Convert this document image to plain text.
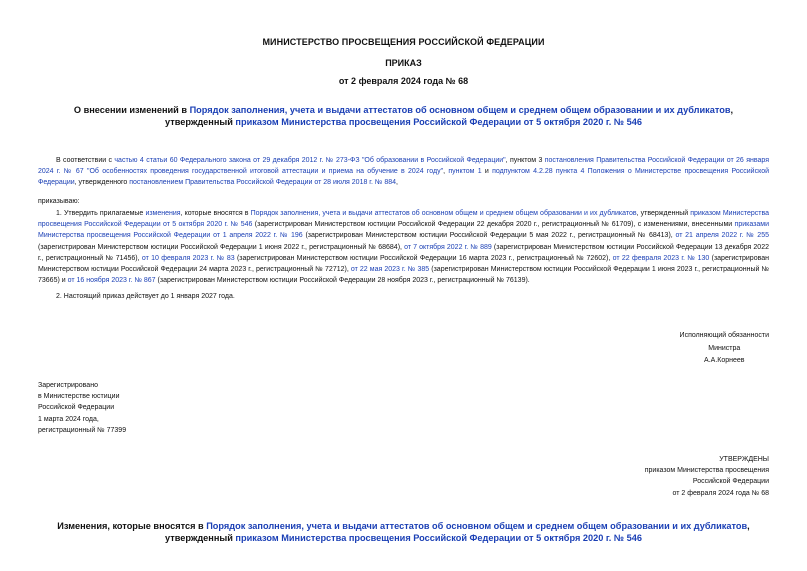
МИНИСТЕРСТВО ПРОСВЕЩЕНИЯ РОССИЙСКОЙ ФЕДЕРАЦИИ
ПРИКАЗ
от 2 февраля 2024 года № 68
О внесении изменений в Порядок заполнения, учета и выдачи аттестатов об основном общем и среднем общем образовании и их дубликатов, утвержденный приказом Министерства просвещения Российской Федерации от 5 октября 2020 г. № 546

В соответствии с частью 4 статьи 60 Федерального закона от 29 декабря 2012 г. № 273-ФЗ "Об образовании в Российской Федерации", пунктом 3 постановления Правительства Российской Федерации от 26 января 2024 г. № 67 "Об особенностях проведения государственной итоговой аттестации и приема на обучение в 2024 году", пунктом 1 и подпунктом 4.2.28 пункта 4 Положения о Министерстве просвещения Российской Федерации, утвержденного постановлением Правительства Российской Федерации от 28 июля 2018 г. № 884,

приказываю:

1. Утвердить прилагаемые изменения, которые вносятся в Порядок заполнения, учета и выдачи аттестатов об основном общем и среднем общем образовании и их дубликатов, утвержденный приказом Министерства просвещения Российской Федерации от 5 октября 2020 г. № 546 (зарегистрирован Министерством юстиции Российской Федерации 22 декабря 2020 г., регистрационный № 61709), с изменениями, внесенными приказами Министерства просвещения Российской Федерации от 1 апреля 2022 г. № 196 (зарегистрирован Министерством юстиции Российской Федерации 5 мая 2022 г., регистрационный № 68413), от 21 апреля 2022 г. № 255 (зарегистрирован Министерством юстиции Российской Федерации 1 июня 2022 г., регистрационный № 68684), от 7 октября 2022 г. № 889 (зарегистрирован Министерством юстиции Российской Федерации 13 декабря 2022 г., регистрационный № 71456), от 10 февраля 2023 г. № 83 (зарегистрирован Министерством юстиции Российской Федерации 16 марта 2023 г., регистрационный № 72602), от 22 февраля 2023 г. № 130 (зарегистрирован Министерством юстиции Российской Федерации 24 марта 2023 г., регистрационный № 72712), от 22 мая 2023 г. № 385 (зарегистрирован Министерством юстиции Российской Федерации 1 июня 2023 г., регистрационный № 73665) и от 16 ноября 2023 г. № 867 (зарегистрирован Министерством юстиции Российской Федерации 28 ноября 2023 г., регистрационный № 76139).

2. Настоящий приказ действует до 1 января 2027 года.

Исполняющий обязанности
Министра
А.А.Корнеев
Зарегистрировано
в Министерстве юстиции
Российской Федерации
1 марта 2024 года,
регистрационный № 77399
УТВЕРЖДЕНЫ
приказом Министерства просвещения
Российской Федерации
от 2 февраля 2024 года № 68
Изменения, которые вносятся в Порядок заполнения, учета и выдачи аттестатов об основном общем и среднем общем образовании и их дубликатов, утвержденный приказом Министерства просвещения Российской Федерации от 5 октября 2020 г. № 546
